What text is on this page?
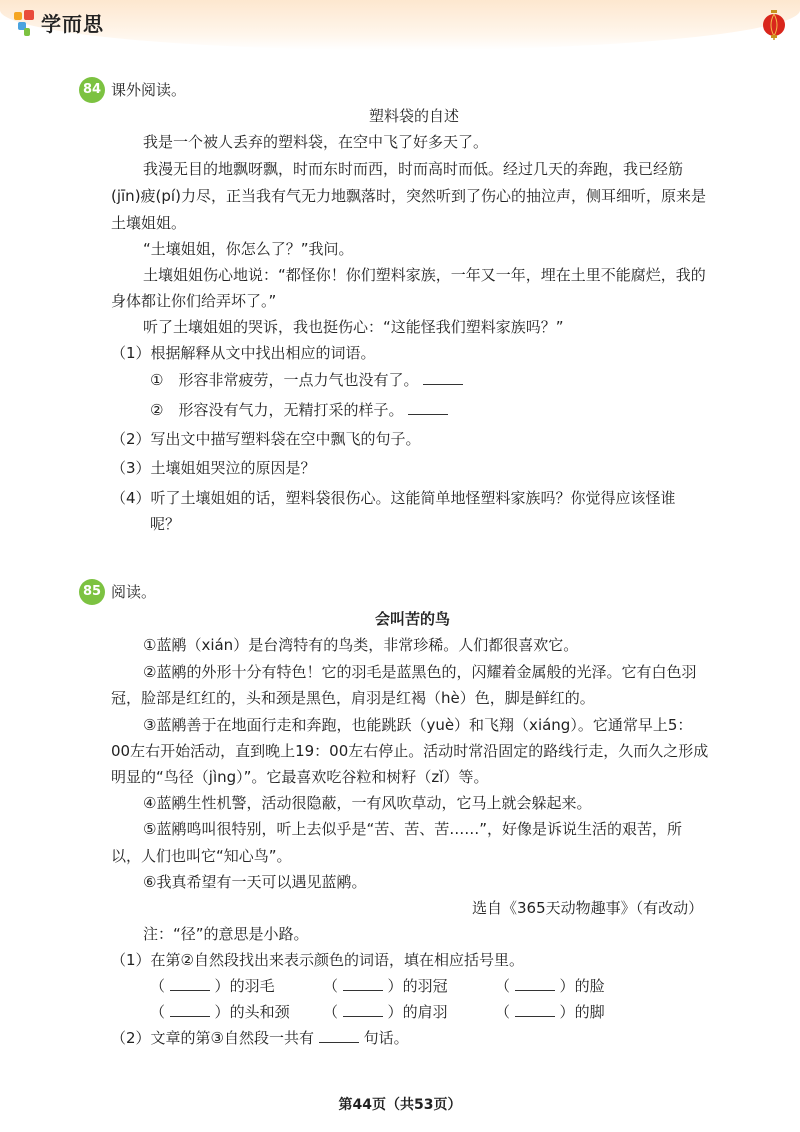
学而思
84 课外阅读。
塑料袋的自述
我是一个被人丢弃的塑料袋，在空中飞了好多天了。
我漫无目的地飘呀飘，时而东时而西，时而高时而低。经过几天的奔跑，我已经筋
(jīn)疲(pí)力尽，正当我有气无力地飘落时，突然听到了伤心的抽泣声，侧耳细听，原来是
土壤姐姐。
“土壤姐姐，你怎么了？”我问。
土壤姐姐伤心地说：“都怪你！你们塑料家族，一年又一年，埋在土里不能腐烂，我的
身体都让你们给弄坏了。”
听了土壤姐姐的哭诉，我也挺伤心：“这能怪我们塑料家族吗？”
（1）根据解释从文中找出相应的词语。
①　形容非常疲劳，一点力气也没有了。
②　形容没有气力，无精打采的样子。
（2）写出文中描写塑料袋在空中飘飞的句子。
（3）土壤姐姐哭泣的原因是？
（4）听了土壤姐姐的话，塑料袋很伤心。这能简单地怪塑料家族吗？你觉得应该怪谁
呢？
85 阅读。
会叫苦的鸟
①蓝鹇（xián）是台湾特有的鸟类，非常珍稀。人们都很喜欢它。
②蓝鹇的外形十分有特色！它的羽毛是蓝黑色的，闪耀着金属般的光泽。它有白色羽
冠，脸部是红红的，头和颈是黑色，肩羽是红褐（hè）色，脚是鲜红的。
③蓝鹇善于在地面行走和奔跑，也能跳跃（yuè）和飞翔（xiáng）。它通常早上5：
00左右开始活动，直到晚上19：00左右停止。活动时常沿固定的路线行走，久而久之形成
明显的“鸟径（jìng）”。它最喜欢吃谷粒和树籽（zǐ）等。
④蓝鹇生性机警，活动很隐蔽，一有风吹草动，它马上就会躲起来。
⑤蓝鹇鸣叫很特别，听上去似乎是“苦、苦、苦……”，好像是诉说生活的艰苦，所
以，人们也叫它“知心鸟”。
⑥我真希望有一天可以遇见蓝鹇。
选自《365天动物趣事》（有改动）
注：“径”的意思是小路。
（1）在第②自然段找出来表示颜色的词语，填在相应括号里。
（	）的羽毛	（	）的羽冠	（	）的脸
（	）的头和颈 （	）的肩羽	（	）的脚
（2）文章的第③自然段一共有	句话。
第44页（共53页）
